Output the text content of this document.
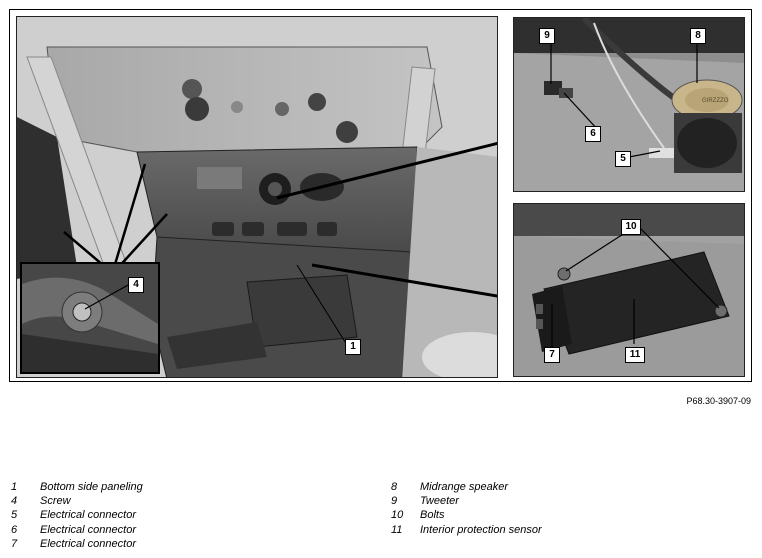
4
1
GIRZZZO
9	8
6
5
10
7	11
P68.30-3907-09
1	Bottom side paneling
4	Screw
5	Electrical connector
6	Electrical connector
7	Electrical connector
8	Midrange speaker
9	Tweeter
10	Bolts
11	Interior protection sensor
